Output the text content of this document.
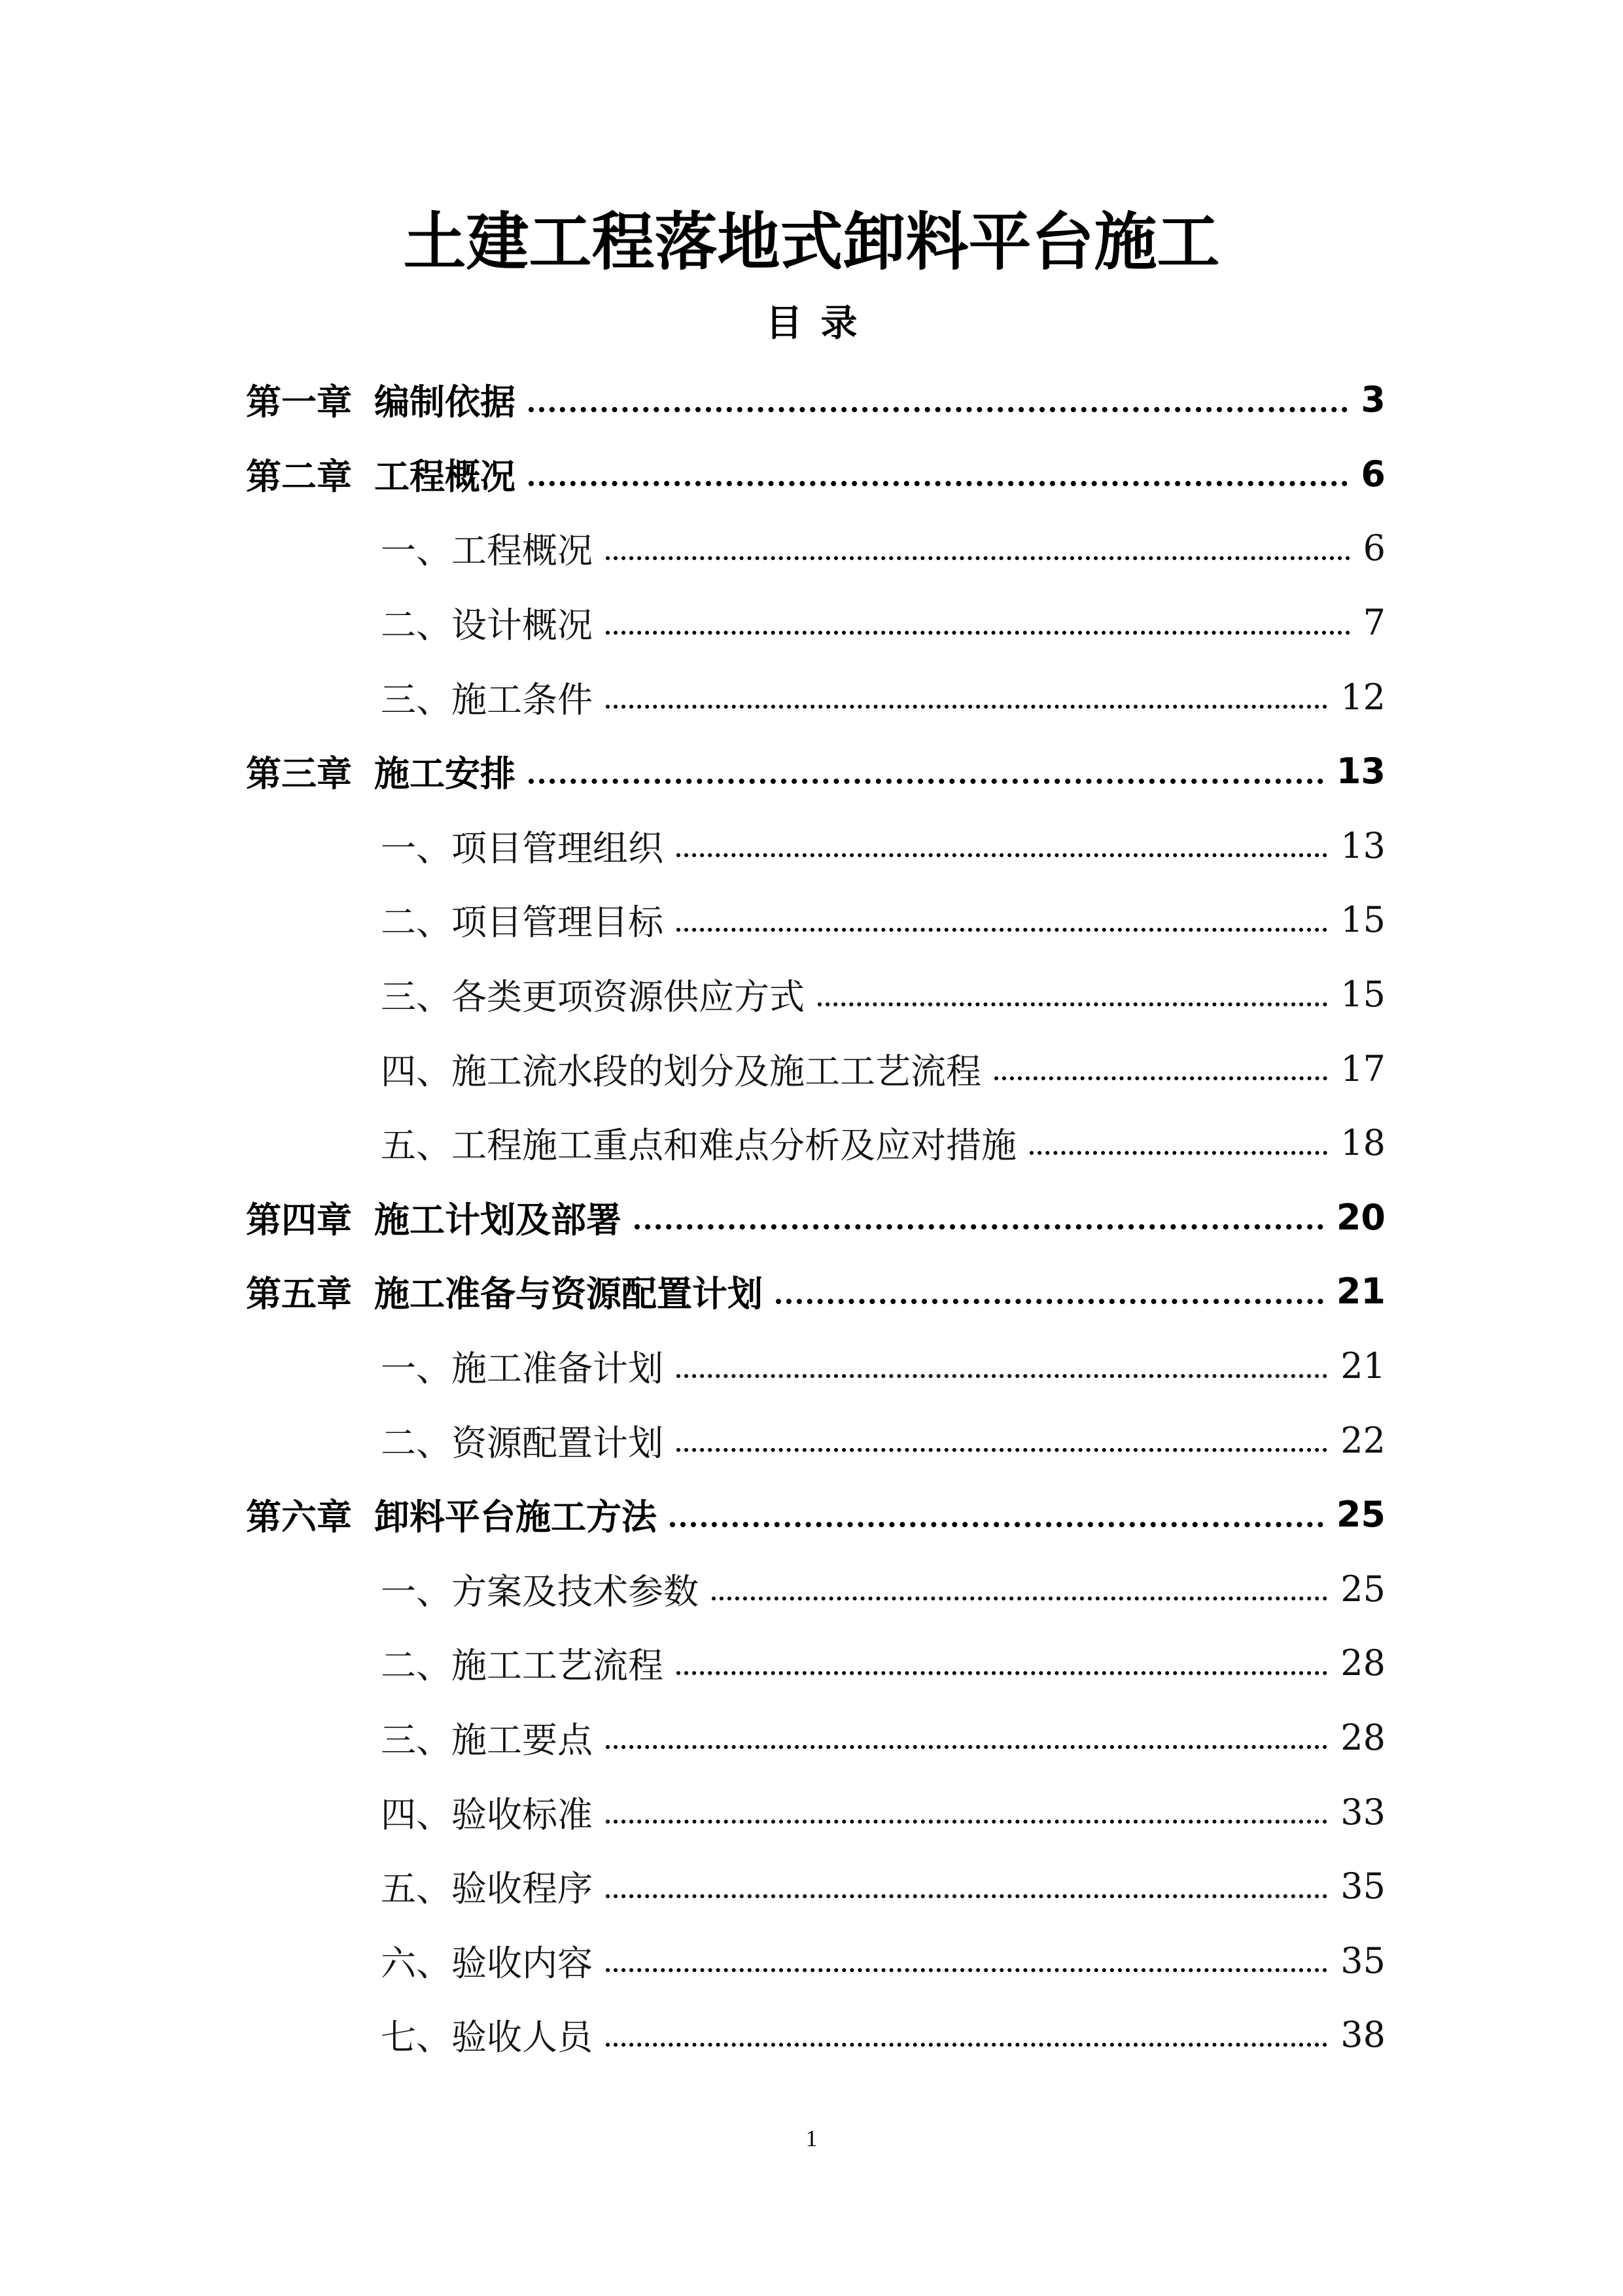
土建工程落地式卸料平台施工
目录
第一章 编制依据	3
第二章 工程概况	6
一、工程概况	6
二、设计概况	7
三、施工条件	12
第三章 施工安排	13
一、项目管理组织	13
二、项目管理目标	15
三、各类更项资源供应方式	15
四、施工流水段的划分及施工工艺流程	17
五、工程施工重点和难点分析及应对措施	18
第四章 施工计划及部署	20
第五章 施工准备与资源配置计划	21
一、施工准备计划	21
二、资源配置计划	22
第六章 卸料平台施工方法	25
一、方案及技术参数	25
二、施工工艺流程	28
三、施工要点	28
四、验收标准	33
五、验收程序	35
六、验收内容	35
七、验收人员	38
1
